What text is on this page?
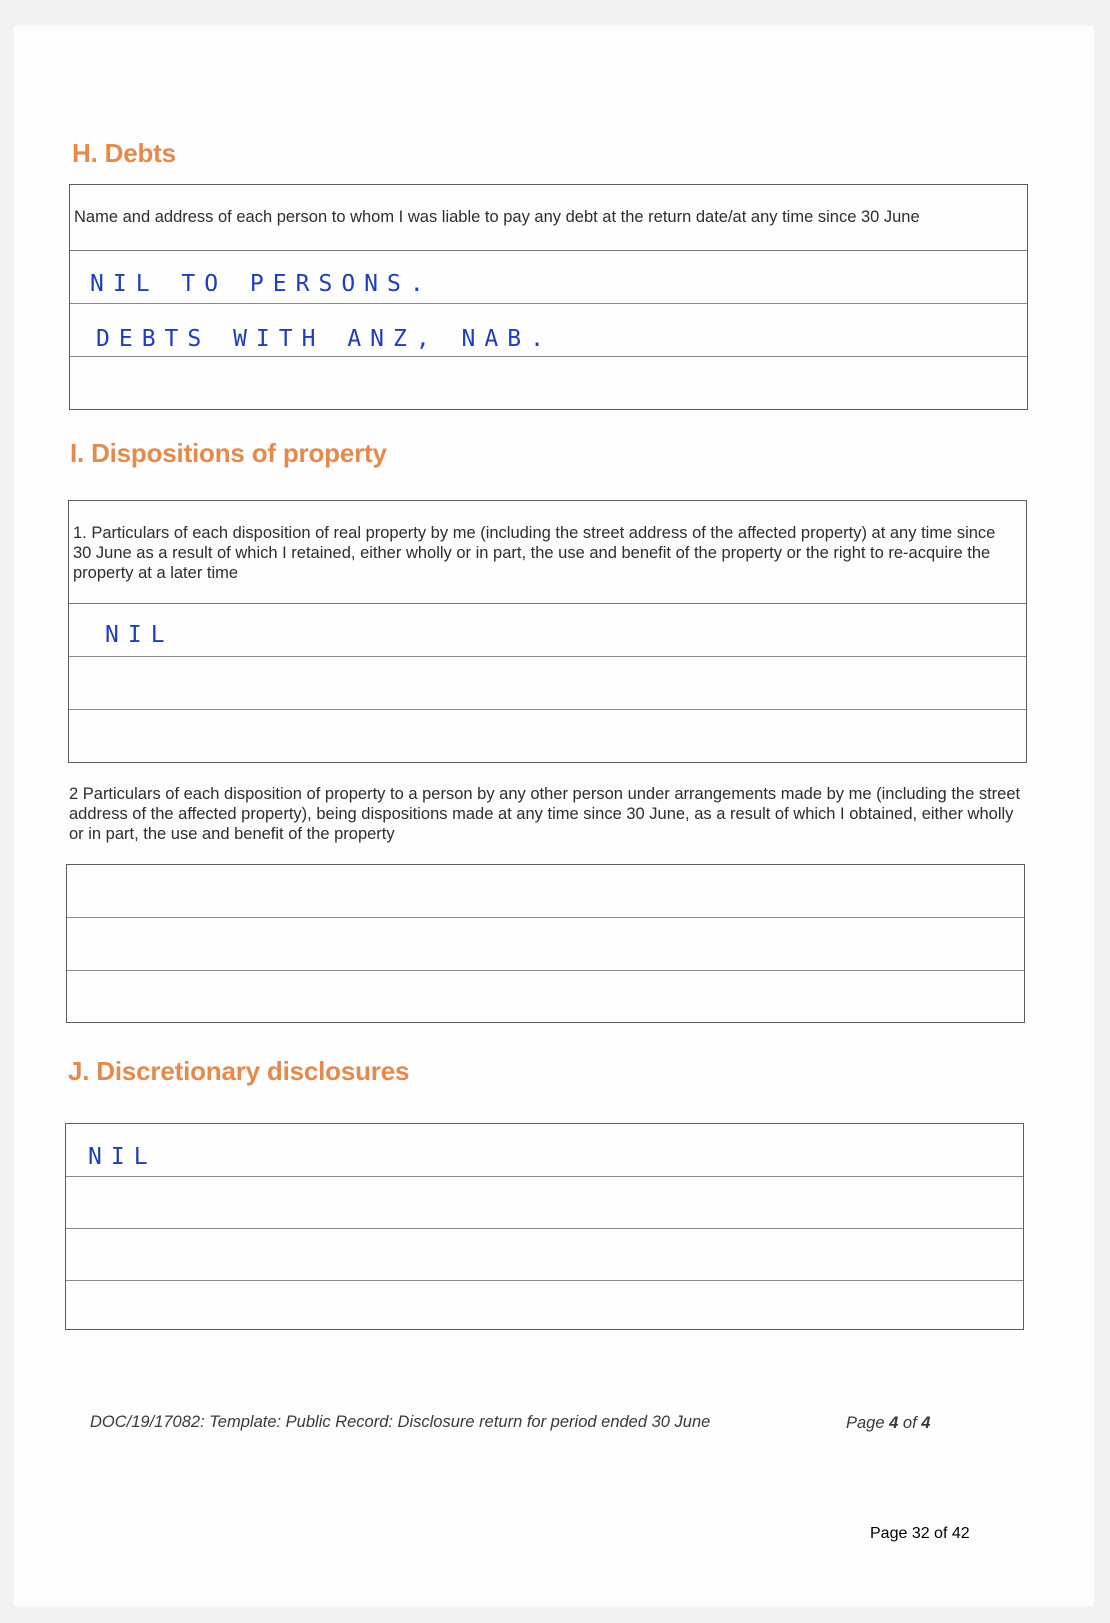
H. Debts
Name and address of each person to whom I was liable to pay any debt at the return date/at any time since 30 June
NIL TO PERSONS.
DEBTS WITH ANZ, NAB.
I. Dispositions of property
1. Particulars of each disposition of real property by me (including the street address of the affected property) at any time since 30 June as a result of which I retained, either wholly or in part, the use and benefit of the property or the right to re-acquire the property at a later time
NIL

2 Particulars of each disposition of property to a person by any other person under arrangements made by me (including the street address of the affected property), being dispositions made at any time since 30 June, as a result of which I obtained, either wholly or in part, the use and benefit of the property

J. Discretionary disclosures
NIL
DOC/19/17082: Template: Public Record: Disclosure return for period ended 30 June	Page 4 of 4
Page 32 of 42
